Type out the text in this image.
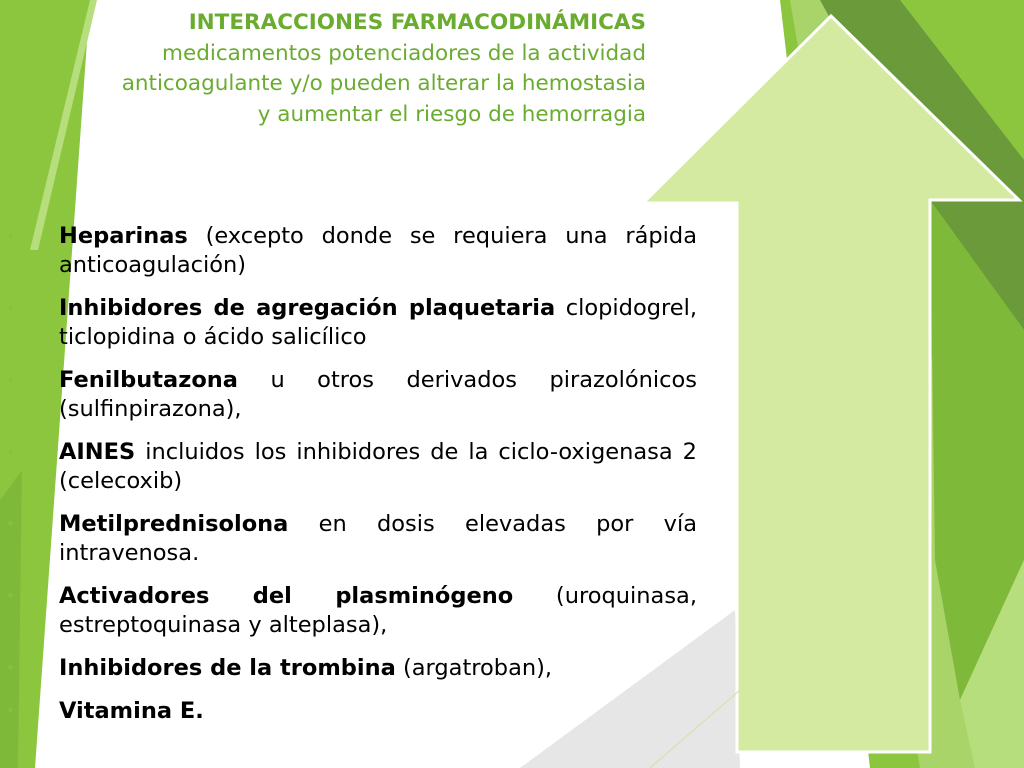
INTERACCIONES FARMACODINÁMICAS
medicamentos potenciadores de la actividad anticoagulante y/o pueden alterar la hemostasia y aumentar el riesgo de hemorragia
• Heparinas (excepto donde se requiera una rápida anticoagulación)
• Inhibidores de agregación plaquetaria clopidogrel, ticlopidina o ácido salicílico
• Fenilbutazona u otros derivados pirazolónicos (sulfinpirazona),
• AINES incluidos los inhibidores de la ciclo-oxigenasa 2 (celecoxib)
• Metilprednisolona en dosis elevadas por vía intravenosa.
• Activadores del plasminógeno (uroquinasa, estreptoquinasa y alteplasa),
• Inhibidores de la trombina (argatroban),
• Vitamina E.
